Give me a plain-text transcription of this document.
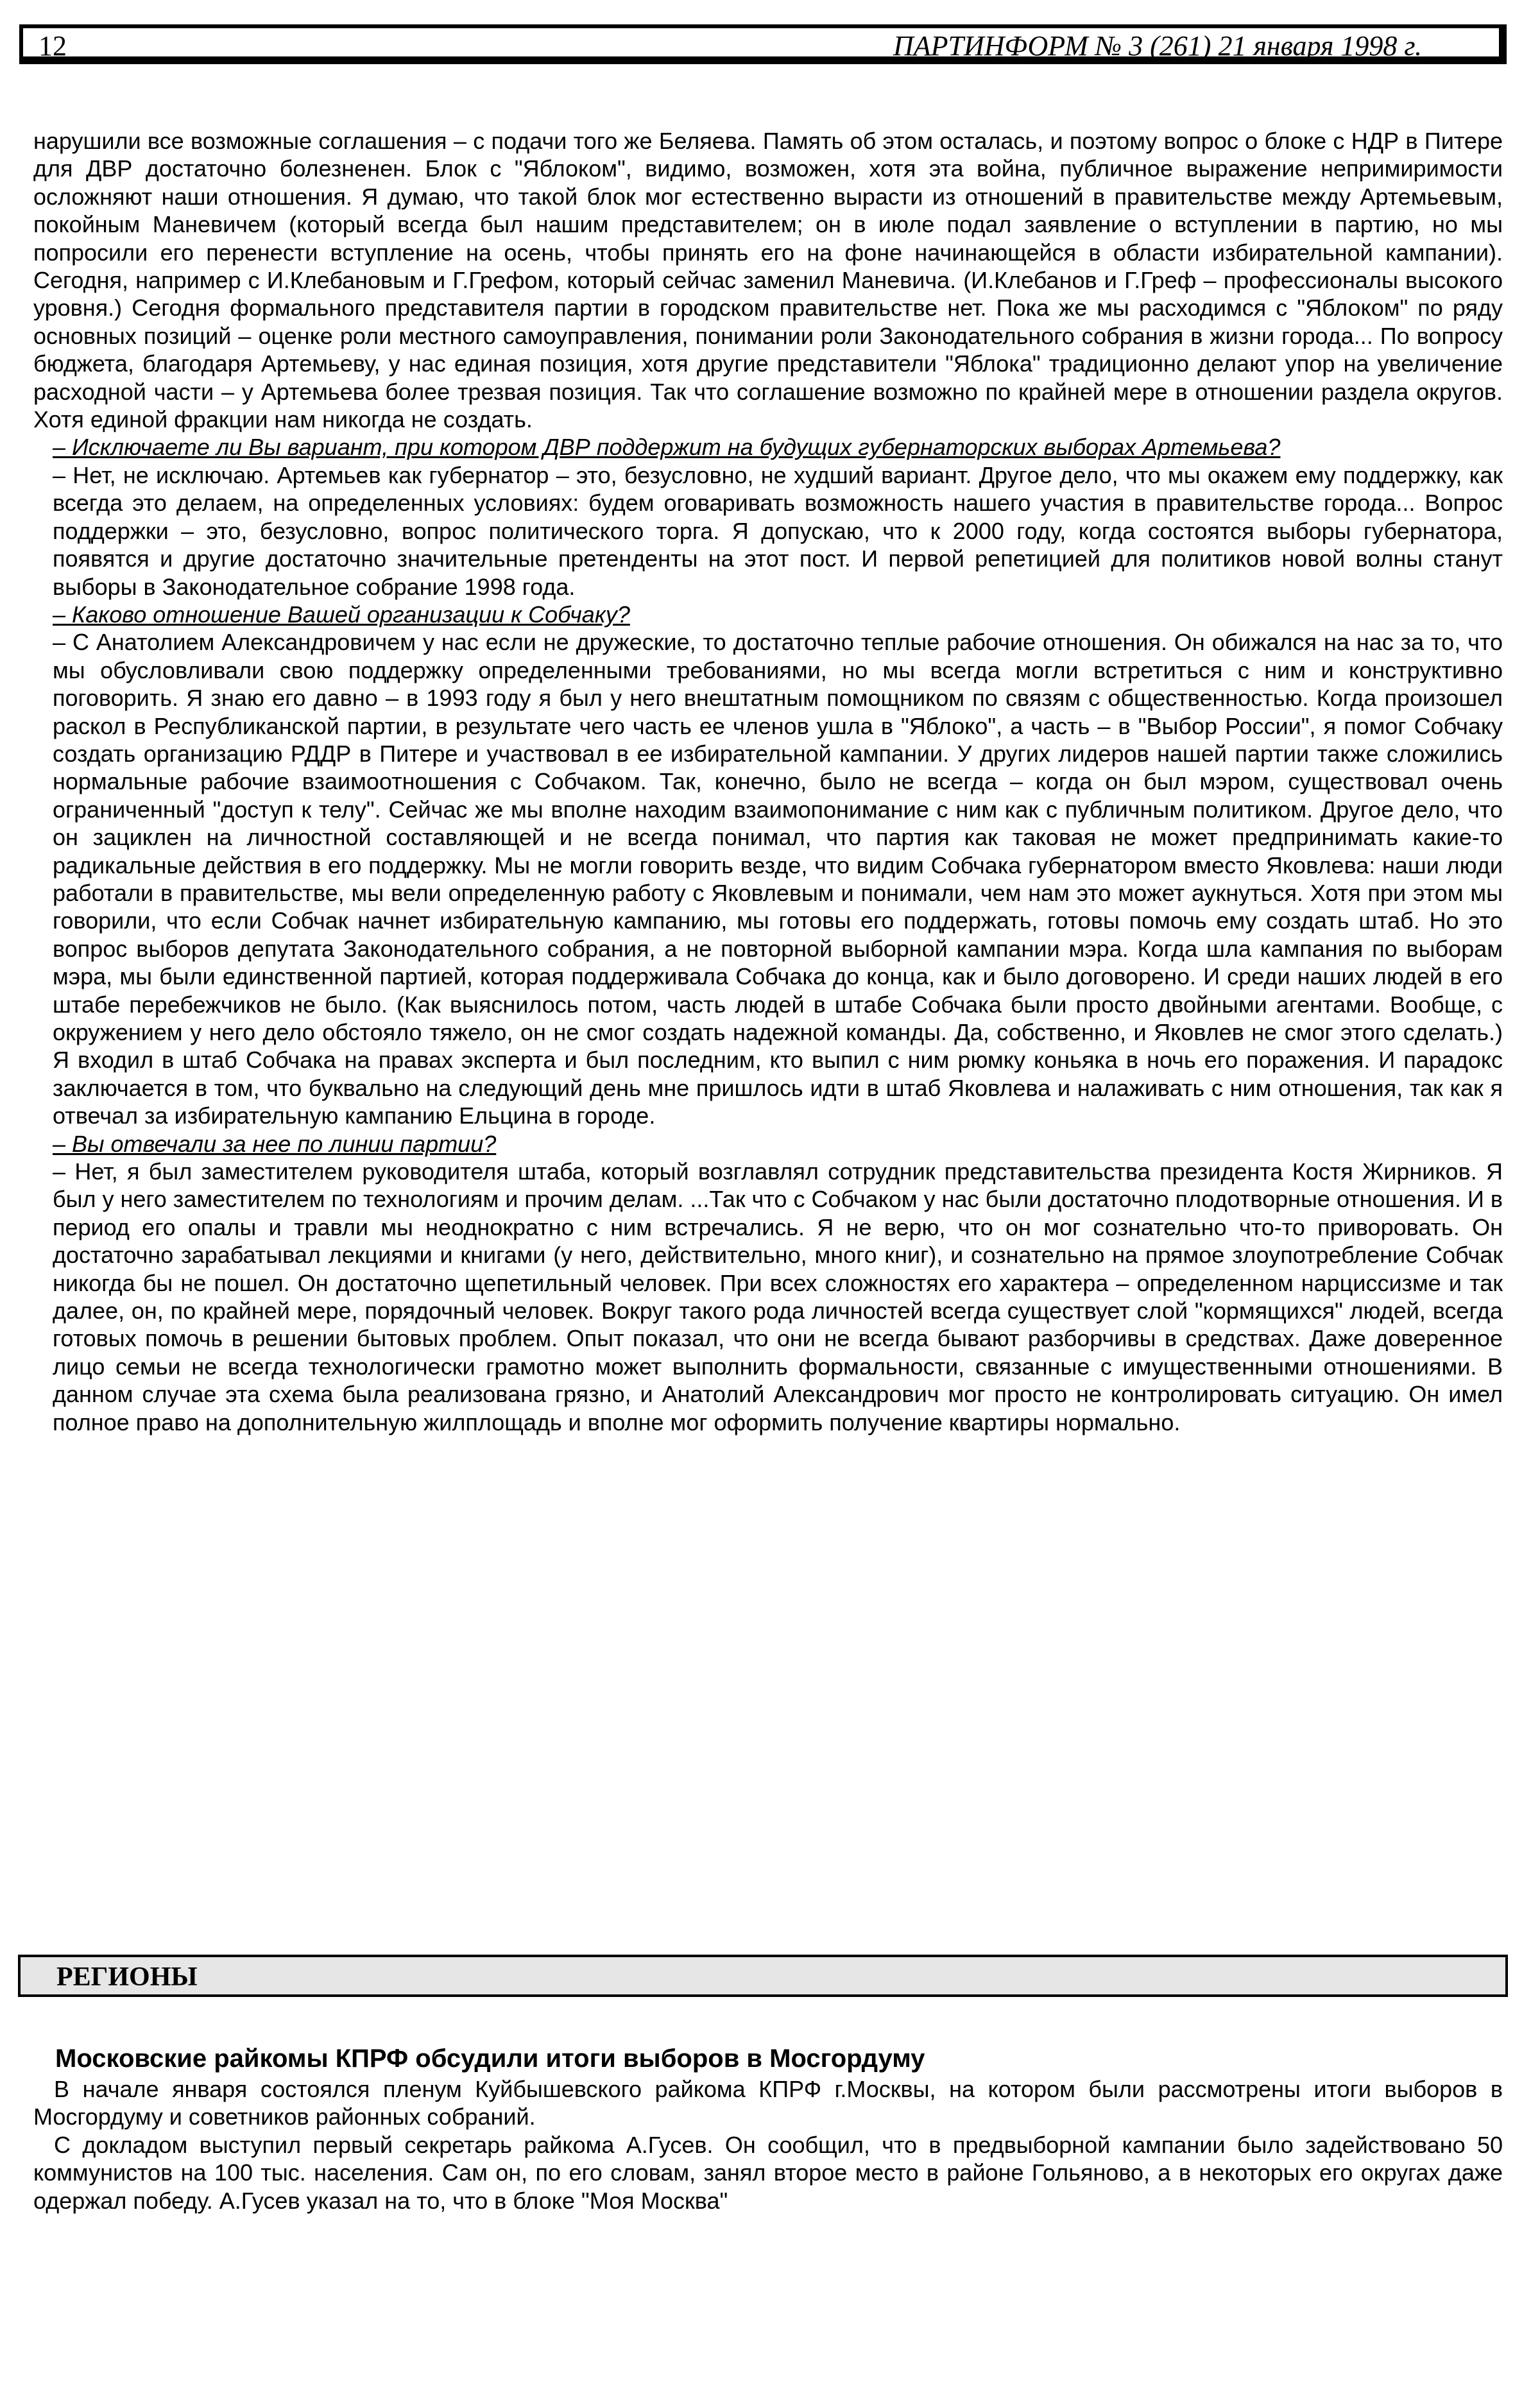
12	ПАРТИНФОРМ № 3 (261) 21 января 1998 г.

нарушили все возможные соглашения – с подачи того же Беляева. Память об этом осталась, и поэтому вопрос о блоке с НДР в Питере для ДВР достаточно болезненен. Блок с "Яблоком", видимо, возможен, хотя эта война, публичное выражение непримиримости осложняют наши отношения. Я думаю, что такой блок мог естественно вырасти из отношений в правительстве между Артемьевым, покойным Маневичем (который всегда был нашим представителем; он в июле подал заявление о вступлении в партию, но мы попросили его перенести вступление на осень, чтобы принять его на фоне начинающейся в области избирательной кампании). Сегодня, например с И.Клебановым и Г.Грефом, который сейчас заменил Маневича. (И.Клебанов и Г.Греф – профессионалы высокого уровня.) Сегодня формального представителя партии в городском правительстве нет. Пока же мы расходимся с "Яблоком" по ряду основных позиций – оценке роли местного самоуправления, понимании роли Законодательного собрания в жизни города... По вопросу бюджета, благодаря Артемьеву, у нас единая позиция, хотя другие представители "Яблока" традиционно делают упор на увеличение расходной части – у Артемьева более трезвая позиция. Так что соглашение возможно по крайней мере в отношении раздела округов. Хотя единой фракции нам никогда не создать.

– Исключаете ли Вы вариант, при котором ДВР поддержит на будущих губернаторских выборах Артемьева?

– Нет, не исключаю. Артемьев как губернатор – это, безусловно, не худший вариант. Другое дело, что мы окажем ему поддержку, как всегда это делаем, на определенных условиях: будем оговаривать возможность нашего участия в правительстве города... Вопрос поддержки – это, безусловно, вопрос политического торга. Я допускаю, что к 2000 году, когда состоятся выборы губернатора, появятся и другие достаточно значительные претенденты на этот пост. И первой репетицией для политиков новой волны станут выборы в Законодательное собрание 1998 года.

– Каково отношение Вашей организации к Собчаку?

– С Анатолием Александровичем у нас если не дружеские, то достаточно теплые рабочие отношения. Он обижался на нас за то, что мы обусловливали свою поддержку определенными требованиями, но мы всегда могли встретиться с ним и конструктивно поговорить. Я знаю его давно – в 1993 году я был у него внештатным помощником по связям с общественностью. Когда произошел раскол в Республиканской партии, в результате чего часть ее членов ушла в "Яблоко", а часть – в "Выбор России", я помог Собчаку создать организацию РДДР в Питере и участвовал в ее избирательной кампании. У других лидеров нашей партии также сложились нормальные рабочие взаимоотношения с Собчаком. Так, конечно, было не всегда – когда он был мэром, существовал очень ограниченный "доступ к телу". Сейчас же мы вполне находим взаимопонимание с ним как с публичным политиком. Другое дело, что он зациклен на личностной составляющей и не всегда понимал, что партия как таковая не может предпринимать какие-то радикальные действия в его поддержку. Мы не могли говорить везде, что видим Собчака губернатором вместо Яковлева: наши люди работали в правительстве, мы вели определенную работу с Яковлевым и понимали, чем нам это может аукнуться. Хотя при этом мы говорили, что если Собчак начнет избирательную кампанию, мы готовы его поддержать, готовы помочь ему создать штаб. Но это вопрос выборов депутата Законодательного собрания, а не повторной выборной кампании мэра. Когда шла кампания по выборам мэра, мы были единственной партией, которая поддерживала Собчака до конца, как и было договорено. И среди наших людей в его штабе перебежчиков не было. (Как выяснилось потом, часть людей в штабе Собчака были просто двойными агентами. Вообще, с окружением у него дело обстояло тяжело, он не смог создать надежной команды. Да, собственно, и Яковлев не смог этого сделать.) Я входил в штаб Собчака на правах эксперта и был последним, кто выпил с ним рюмку коньяка в ночь его поражения. И парадокс заключается в том, что буквально на следующий день мне пришлось идти в штаб Яковлева и налаживать с ним отношения, так как я отвечал за избирательную кампанию Ельцина в городе.

– Вы отвечали за нее по линии партии?

– Нет, я был заместителем руководителя штаба, который возглавлял сотрудник представительства президента Костя Жирников. Я был у него заместителем по технологиям и прочим делам. ...Так что с Собчаком у нас были достаточно плодотворные отношения. И в период его опалы и травли мы неоднократно с ним встречались. Я не верю, что он мог сознательно что-то приворовать. Он достаточно зарабатывал лекциями и книгами (у него, действительно, много книг), и сознательно на прямое злоупотребление Собчак никогда бы не пошел. Он достаточно щепетильный человек. При всех сложностях его характера – определенном нарциссизме и так далее, он, по крайней мере, порядочный человек. Вокруг такого рода личностей всегда существует слой "кормящихся" людей, всегда готовых помочь в решении бытовых проблем. Опыт показал, что они не всегда бывают разборчивы в средствах. Даже доверенное лицо семьи не всегда технологически грамотно может выполнить формальности, связанные с имущественными отношениями. В данном случае эта схема была реализована грязно, и Анатолий Александрович мог просто не контролировать ситуацию. Он имел полное право на дополнительную жилплощадь и вполне мог оформить получение квартиры нормально.

РЕГИОНЫ
Московские райкомы КПРФ обсудили итоги выборов в Мосгордуму

В начале января состоялся пленум Куйбышевского райкома КПРФ г.Москвы, на котором были рассмотрены итоги выборов в Мосгордуму и советников районных собраний.

С докладом выступил первый секретарь райкома А.Гусев. Он сообщил, что в предвыборной кампании было задействовано 50 коммунистов на 100 тыс. населения. Сам он, по его словам, занял второе место в районе Гольяново, а в некоторых его округах даже одержал победу. А.Гусев указал на то, что в блоке "Моя Москва"
